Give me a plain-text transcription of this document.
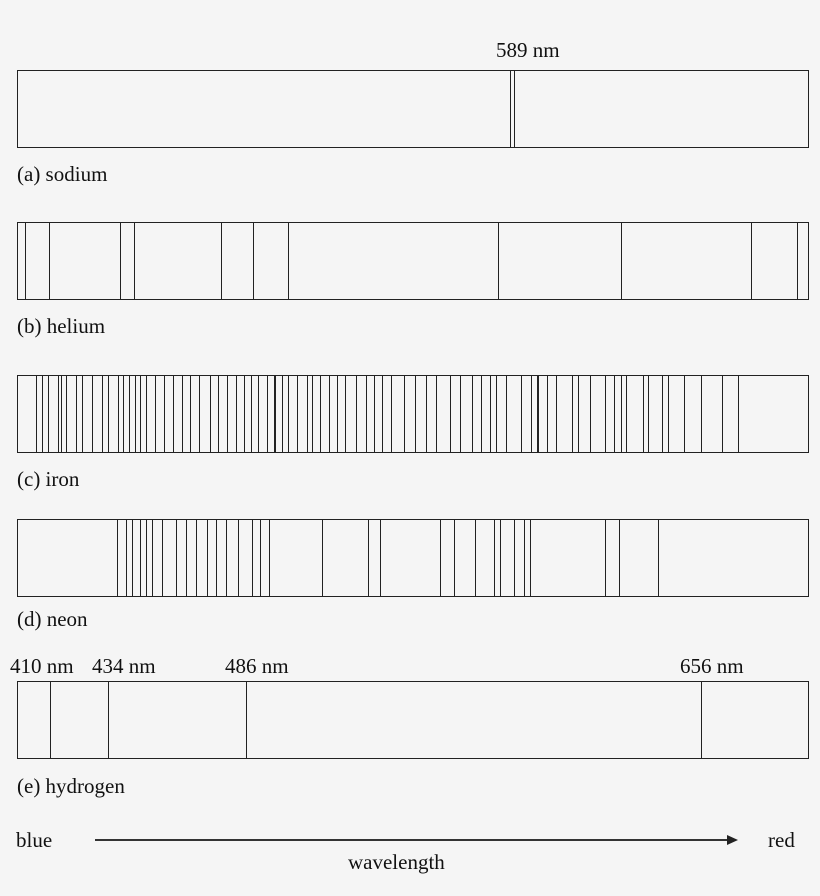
589 nm
410 nm 434 nm	486 nm	656 nm
(a) sodium
(b) helium
(c) iron
(d) neon
(e) hydrogen
blue	red
wavelength
